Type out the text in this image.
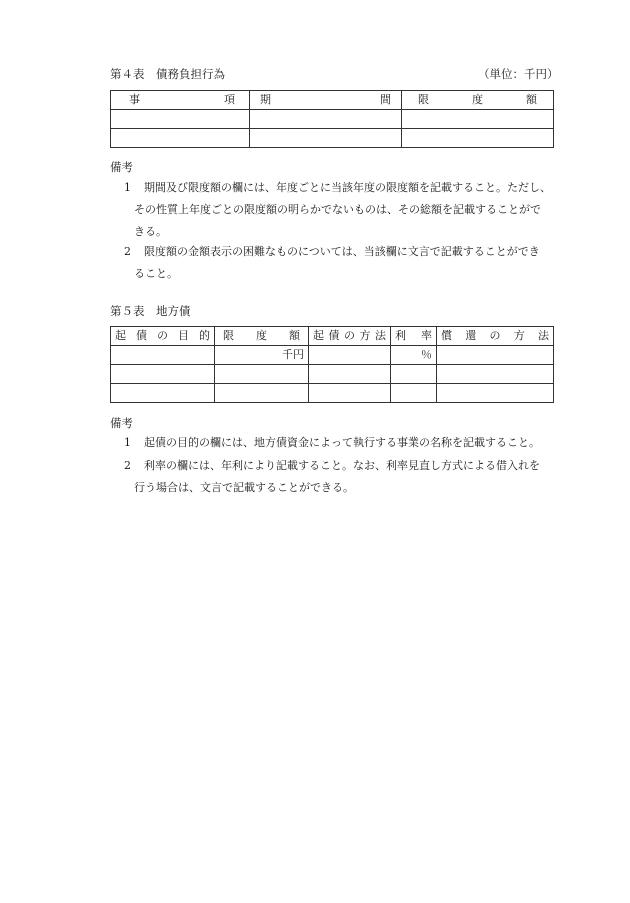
第４表　債務負担行為	（単位：千円）
事 項	期 間	限 度 額

備考
1 期間及び限度額の欄には、年度ごとに当該年度の限度額を記載すること。ただし、
その性質上年度ごとの限度額の明らかでないものは、その総額を記載することがで
きる。
2 限度額の金額表示の困難なものについては、当該欄に文言で記載することができ
ること。
第５表　地方債
起 債 の 目 的	限 度 額	起 債 の 方 法	利 率	償 還 の 方 法

	千円		％	

備考
1 起債の目的の欄には、地方債資金によって執行する事業の名称を記載すること。
2 利率の欄には、年利により記載すること。なお、利率見直し方式による借入れを
行う場合は、文言で記載することができる。
